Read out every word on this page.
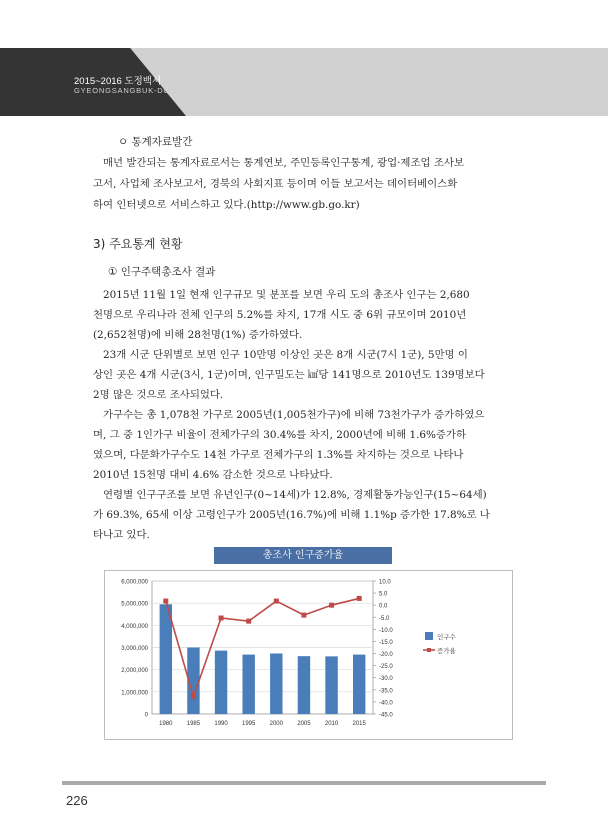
2015~2016 도정백서
GYEONGSANGBUK-DO
ㅇ 통계자료발간
매년 발간되는 통계자료로서는 통계연보, 주민등록인구통계, 광업·제조업 조사보
고서, 사업체 조사보고서, 경북의 사회지표 등이며 이들 보고서는 데이터베이스화
하여 인터넷으로 서비스하고 있다.(http://www.gb.go.kr)
3) 주요통계 현황
① 인구주택총조사 결과
2015년 11월 1일 현재 인구규모 및 분포를 보면 우리 도의 총조사 인구는 2,680
천명으로 우리나라 전체 인구의 5.2%를 차지, 17개 시도 중 6위 규모이며 2010년
(2,652천명)에 비해 28천명(1%) 증가하였다.
23개 시군 단위별로 보면 인구 10만명 이상인 곳은 8개 시군(7시 1군), 5만명 이
상인 곳은 4개 시군(3시, 1군)이며, 인구밀도는 ㎢당 141명으로 2010년도 139명보다
2명 많은 것으로 조사되었다.
가구수는 총 1,078천 가구로 2005년(1,005천가구)에 비해 73천가구가 증가하였으
며, 그 중 1인가구 비율이 전체가구의 30.4%를 차지, 2000년에 비해 1.6%증가하
였으며, 다문화가구수도 14천 가구로 전체가구의 1.3%를 차지하는 것으로 나타나
2010년 15천명 대비 4.6% 감소한 것으로 나타났다.
연령별 인구구조를 보면 유년인구(0~14세)가 12.8%, 경제활동가능인구(15~64세)
가 69.3%, 65세 이상 고령인구가 2005년(16.7%)에 비해 1.1%p 증가한 17.8%로 나
타나고 있다.
총조사 인구증가율
0
1,000,000
2,000,000
3,000,000
4,000,000
5,000,000
6,000,000	10.0
5.0
0.0
-5.0
-10.0
-15.0
-20.0
-25.0
-30.0
-35.0
-40.0
-45.0
1980 1985 1990 1995 2000 2005 2010 2015
인구수
증가율
226
